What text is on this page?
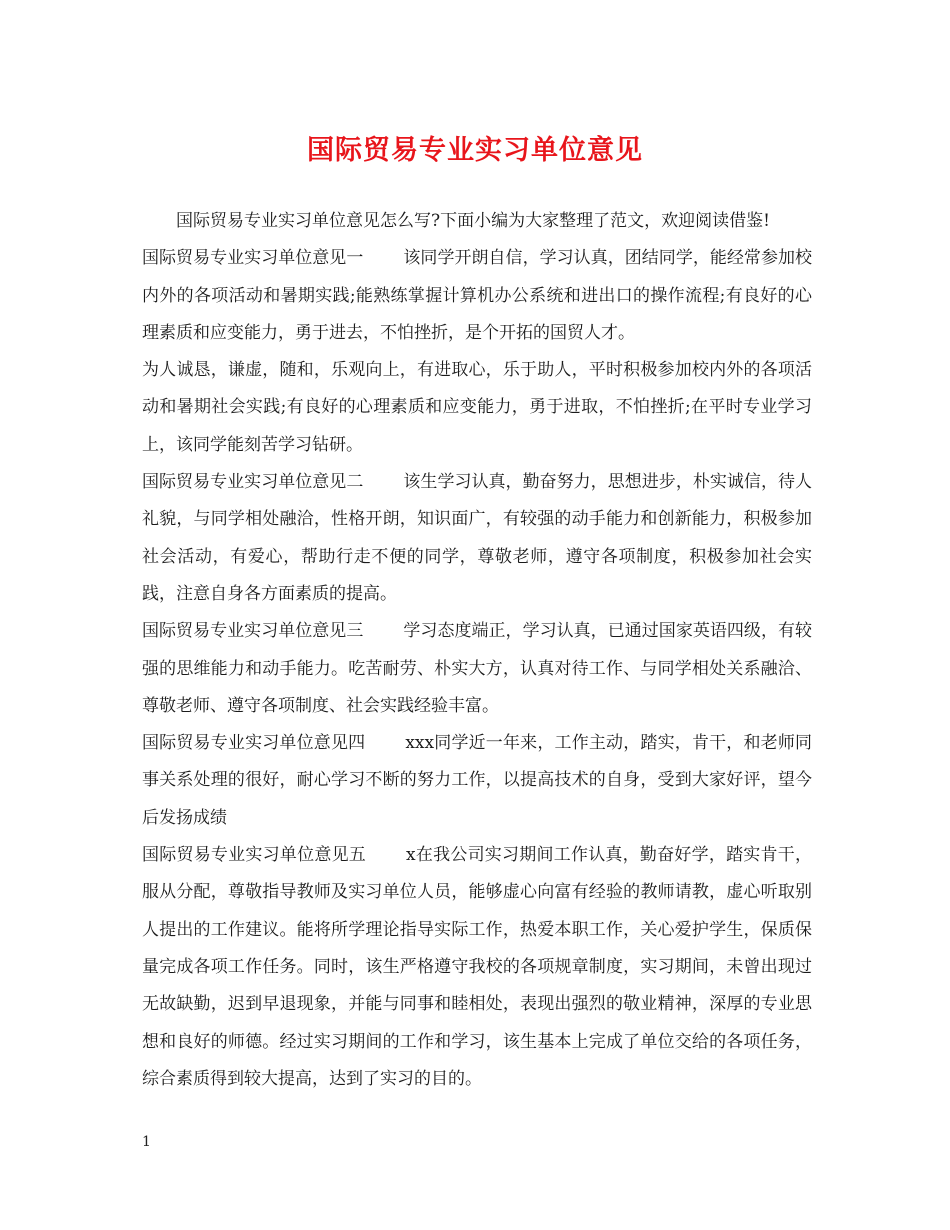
国际贸易专业实习单位意见

国际贸易专业实习单位意见怎么写?下面小编为大家整理了范文，欢迎阅读借鉴!

国际贸易专业实习单位意见一 该同学开朗自信，学习认真，团结同学，能经常参加校内外的各项活动和暑期实践;能熟练掌握计算机办公系统和进出口的操作流程;有良好的心理素质和应变能力，勇于进去，不怕挫折，是个开拓的国贸人才。

为人诚恳，谦虚，随和，乐观向上，有进取心，乐于助人，平时积极参加校内外的各项活动和暑期社会实践;有良好的心理素质和应变能力，勇于进取，不怕挫折;在平时专业学习上，该同学能刻苦学习钻研。

国际贸易专业实习单位意见二 该生学习认真，勤奋努力，思想进步，朴实诚信，待人礼貌，与同学相处融洽，性格开朗，知识面广，有较强的动手能力和创新能力，积极参加社会活动，有爱心，帮助行走不便的同学，尊敬老师，遵守各项制度，积极参加社会实践，注意自身各方面素质的提高。

国际贸易专业实习单位意见三 学习态度端正，学习认真，已通过国家英语四级，有较强的思维能力和动手能力。吃苦耐劳、朴实大方，认真对待工作、与同学相处关系融洽、尊敬老师、遵守各项制度、社会实践经验丰富。

国际贸易专业实习单位意见四 xxx同学近一年来，工作主动，踏实，肯干，和老师同事关系处理的很好，耐心学习不断的努力工作，以提高技术的自身，受到大家好评，望今后发扬成绩

国际贸易专业实习单位意见五 x在我公司实习期间工作认真，勤奋好学，踏实肯干，服从分配，尊敬指导教师及实习单位人员，能够虚心向富有经验的教师请教，虚心听取别人提出的工作建议。能将所学理论指导实际工作，热爱本职工作，关心爱护学生，保质保量完成各项工作任务。同时，该生严格遵守我校的各项规章制度，实习期间，未曾出现过无故缺勤，迟到早退现象，并能与同事和睦相处，表现出强烈的敬业精神，深厚的专业思想和良好的师德。经过实习期间的工作和学习，该生基本上完成了单位交给的各项任务，综合素质得到较大提高，达到了实习的目的。

1
